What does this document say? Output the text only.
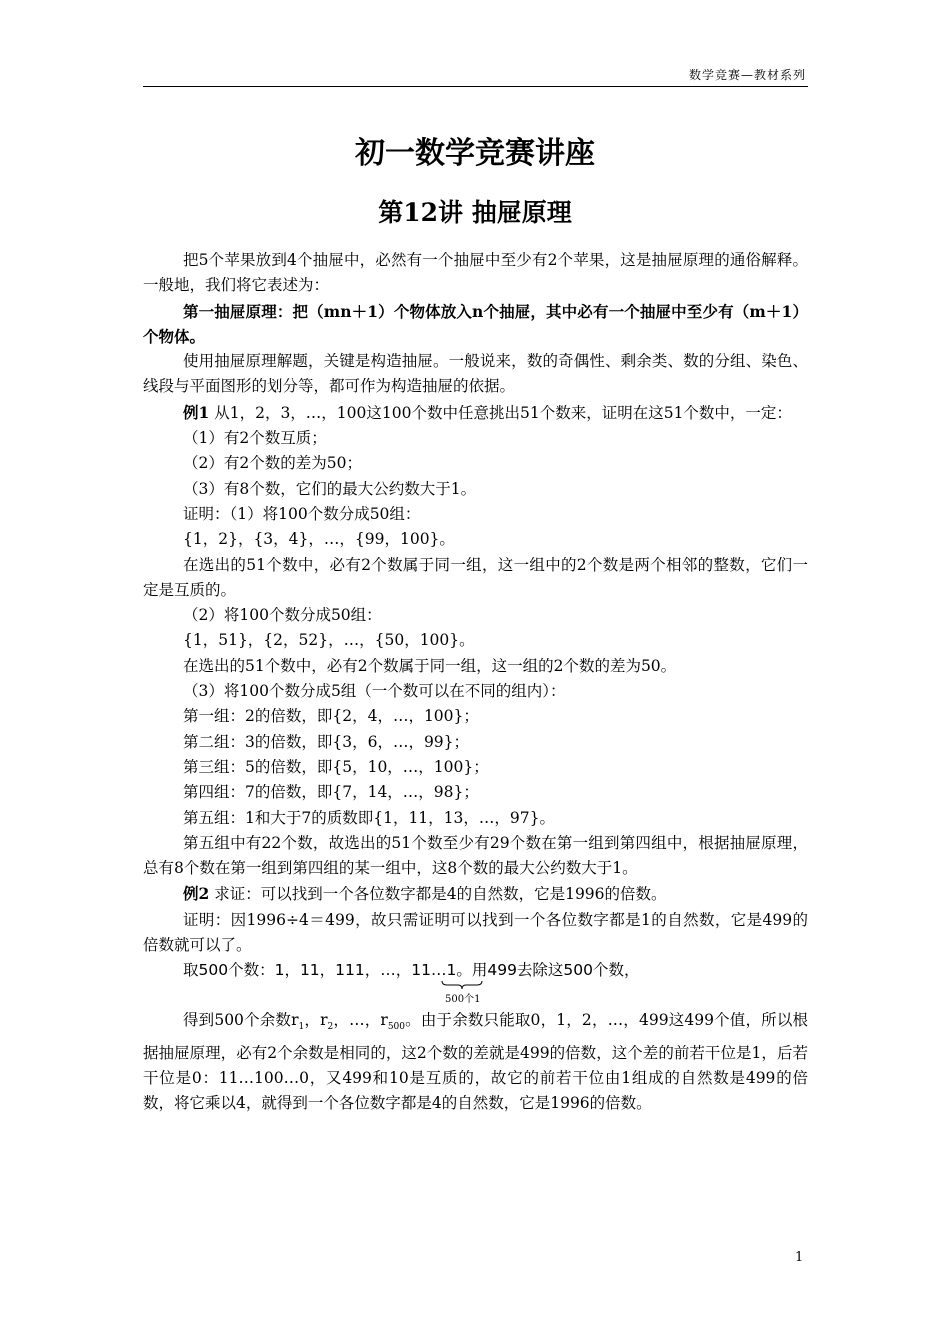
数学竞赛—教材系列
初一数学竞赛讲座
第12讲 抽屉原理

把5个苹果放到4个抽屉中，必然有一个抽屉中至少有2个苹果，这是抽屉原理的通俗解释。一般地，我们将它表述为：

第一抽屉原理：把（mn＋1）个物体放入n个抽屉，其中必有一个抽屉中至少有（m＋1）个物体。

使用抽屉原理解题，关键是构造抽屉。一般说来，数的奇偶性、剩余类、数的分组、染色、线段与平面图形的划分等，都可作为构造抽屉的依据。

例1 从1，2，3，…，100这100个数中任意挑出51个数来，证明在这51个数中，一定：

（1）有2个数互质；

（2）有2个数的差为50；

（3）有8个数，它们的最大公约数大于1。

证明：（1）将100个数分成50组：

{1，2}，{3，4}，…，{99，100}。

在选出的51个数中，必有2个数属于同一组，这一组中的2个数是两个相邻的整数，它们一定是互质的。

（2）将100个数分成50组：

{1，51}，{2，52}，…，{50，100}。

在选出的51个数中，必有2个数属于同一组，这一组的2个数的差为50。

（3）将100个数分成5组（一个数可以在不同的组内）：

第一组：2的倍数，即{2，4，…，100}；

第二组：3的倍数，即{3，6，…，99}；

第三组：5的倍数，即{5，10，…，100}；

第四组：7的倍数，即{7，14，…，98}；

第五组：1和大于7的质数即{1，11，13，…，97}。

第五组中有22个数，故选出的51个数至少有29个数在第一组到第四组中，根据抽屉原理，总有8个数在第一组到第四组的某一组中，这8个数的最大公约数大于1。

例2 求证：可以找到一个各位数字都是4的自然数，它是1996的倍数。

证明：因1996÷4＝499，故只需证明可以找到一个各位数字都是1的自然数，它是499的倍数就可以了。

取500个数：1，11，111，…，11…1。用499去除这500个数，
500个1

得到500个余数$r_1$，$r_2$，…，$r_{500}$。由于余数只能取0，1，2，…，499这499个值，所以根据抽屉原理，必有2个余数是相同的，这2个数的差就是499的倍数，这个差的前若干位是1，后若干位是0：11…100…0，又499和10是互质的，故它的前若干位由1组成的自然数是499的倍数，将它乘以4，就得到一个各位数字都是4的自然数，它是1996的倍数。

1
